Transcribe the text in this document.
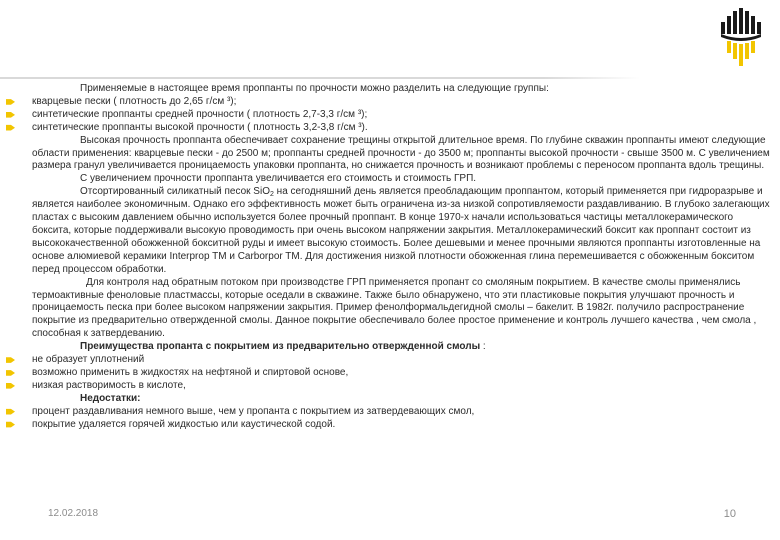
Применяемые в настоящее время проппанты по прочности можно разделить на следующие группы:

кварцевые пески ( плотность до 2,65 г/см ³);

синтетические проппанты средней прочности ( плотность 2,7-3,3 г/см ³);

синтетические проппанты высокой прочности ( плотность 3,2-3,8 г/см ³).

Высокая прочность проппанта обеспечивает сохранение трещины открытой длительное время. По глубине скважин проппанты имеют следующие области применения: кварцевые пески - до 2500 м; проппанты средней прочности - до 3500 м; проппанты высокой прочности - свыше 3500 м. С увеличением размера гранул увеличивается проницаемость упаковки проппанта, но снижается прочность и возникают проблемы с переносом проппанта вдоль трещины.

С увеличением прочности проппанта увеличивается его стоимость и стоимость ГРП.

Отсортированный силикатный песок SiO$_2$ на сегодняшний день является преобладающим проппантом, который применяется при гидроразрыве и является наиболее экономичным. Однако его эффективность может быть ограничена из-за низкой сопротивляемости раздавливанию. В глубоко залегающих пластах с высоким давлением обычно используется более прочный проппант. В конце 1970-х начали использоваться частицы металлокерамического боксита, которые поддерживали высокую проводимость при очень высоком напряжении закрытия. Металлокерамический боксит как проппант состоит из высококачественной обожженной бокситной руды и имеет высокую стоимость. Более дешевыми и менее прочными являются проппанты изготовленные на основе алюмиевой керамики Interprop TM и Carborpor TM. Для достижения низкой плотности обожженная глина перемешивается с обожженным бокситом перед процессом обработки.

Для контроля над обратным потоком при производстве ГРП применяется пропант со смоляным покрытием. В качестве смолы применялись термоактивные феноловые пластмассы, которые оседали в скважине. Также было обнаружено, что эти пластиковые покрытия улучшают прочность и проницаемость песка при более высоком напряжении закрытия. Пример фенолформальдегидной смолы – бакелит. В 1982г. получило распространение покрытие из предварительно отвержденной смолы. Данное покрытие обеспечивало более простое применение и контроль лучшего качества , чем смола , способная к затвердеванию.

Преимущества пропанта с покрытием из предварительно отвержденной смолы :

не образует уплотнений

возможно применить в жидкостях на нефтяной и спиртовой основе,

низкая растворимость в кислоте,

Недостатки:

процент раздавливания немного выше, чем у пропанта с покрытием из затвердевающих смол,

покрытие удаляется горячей жидкостью или каустической содой.

12.02.2018	10
